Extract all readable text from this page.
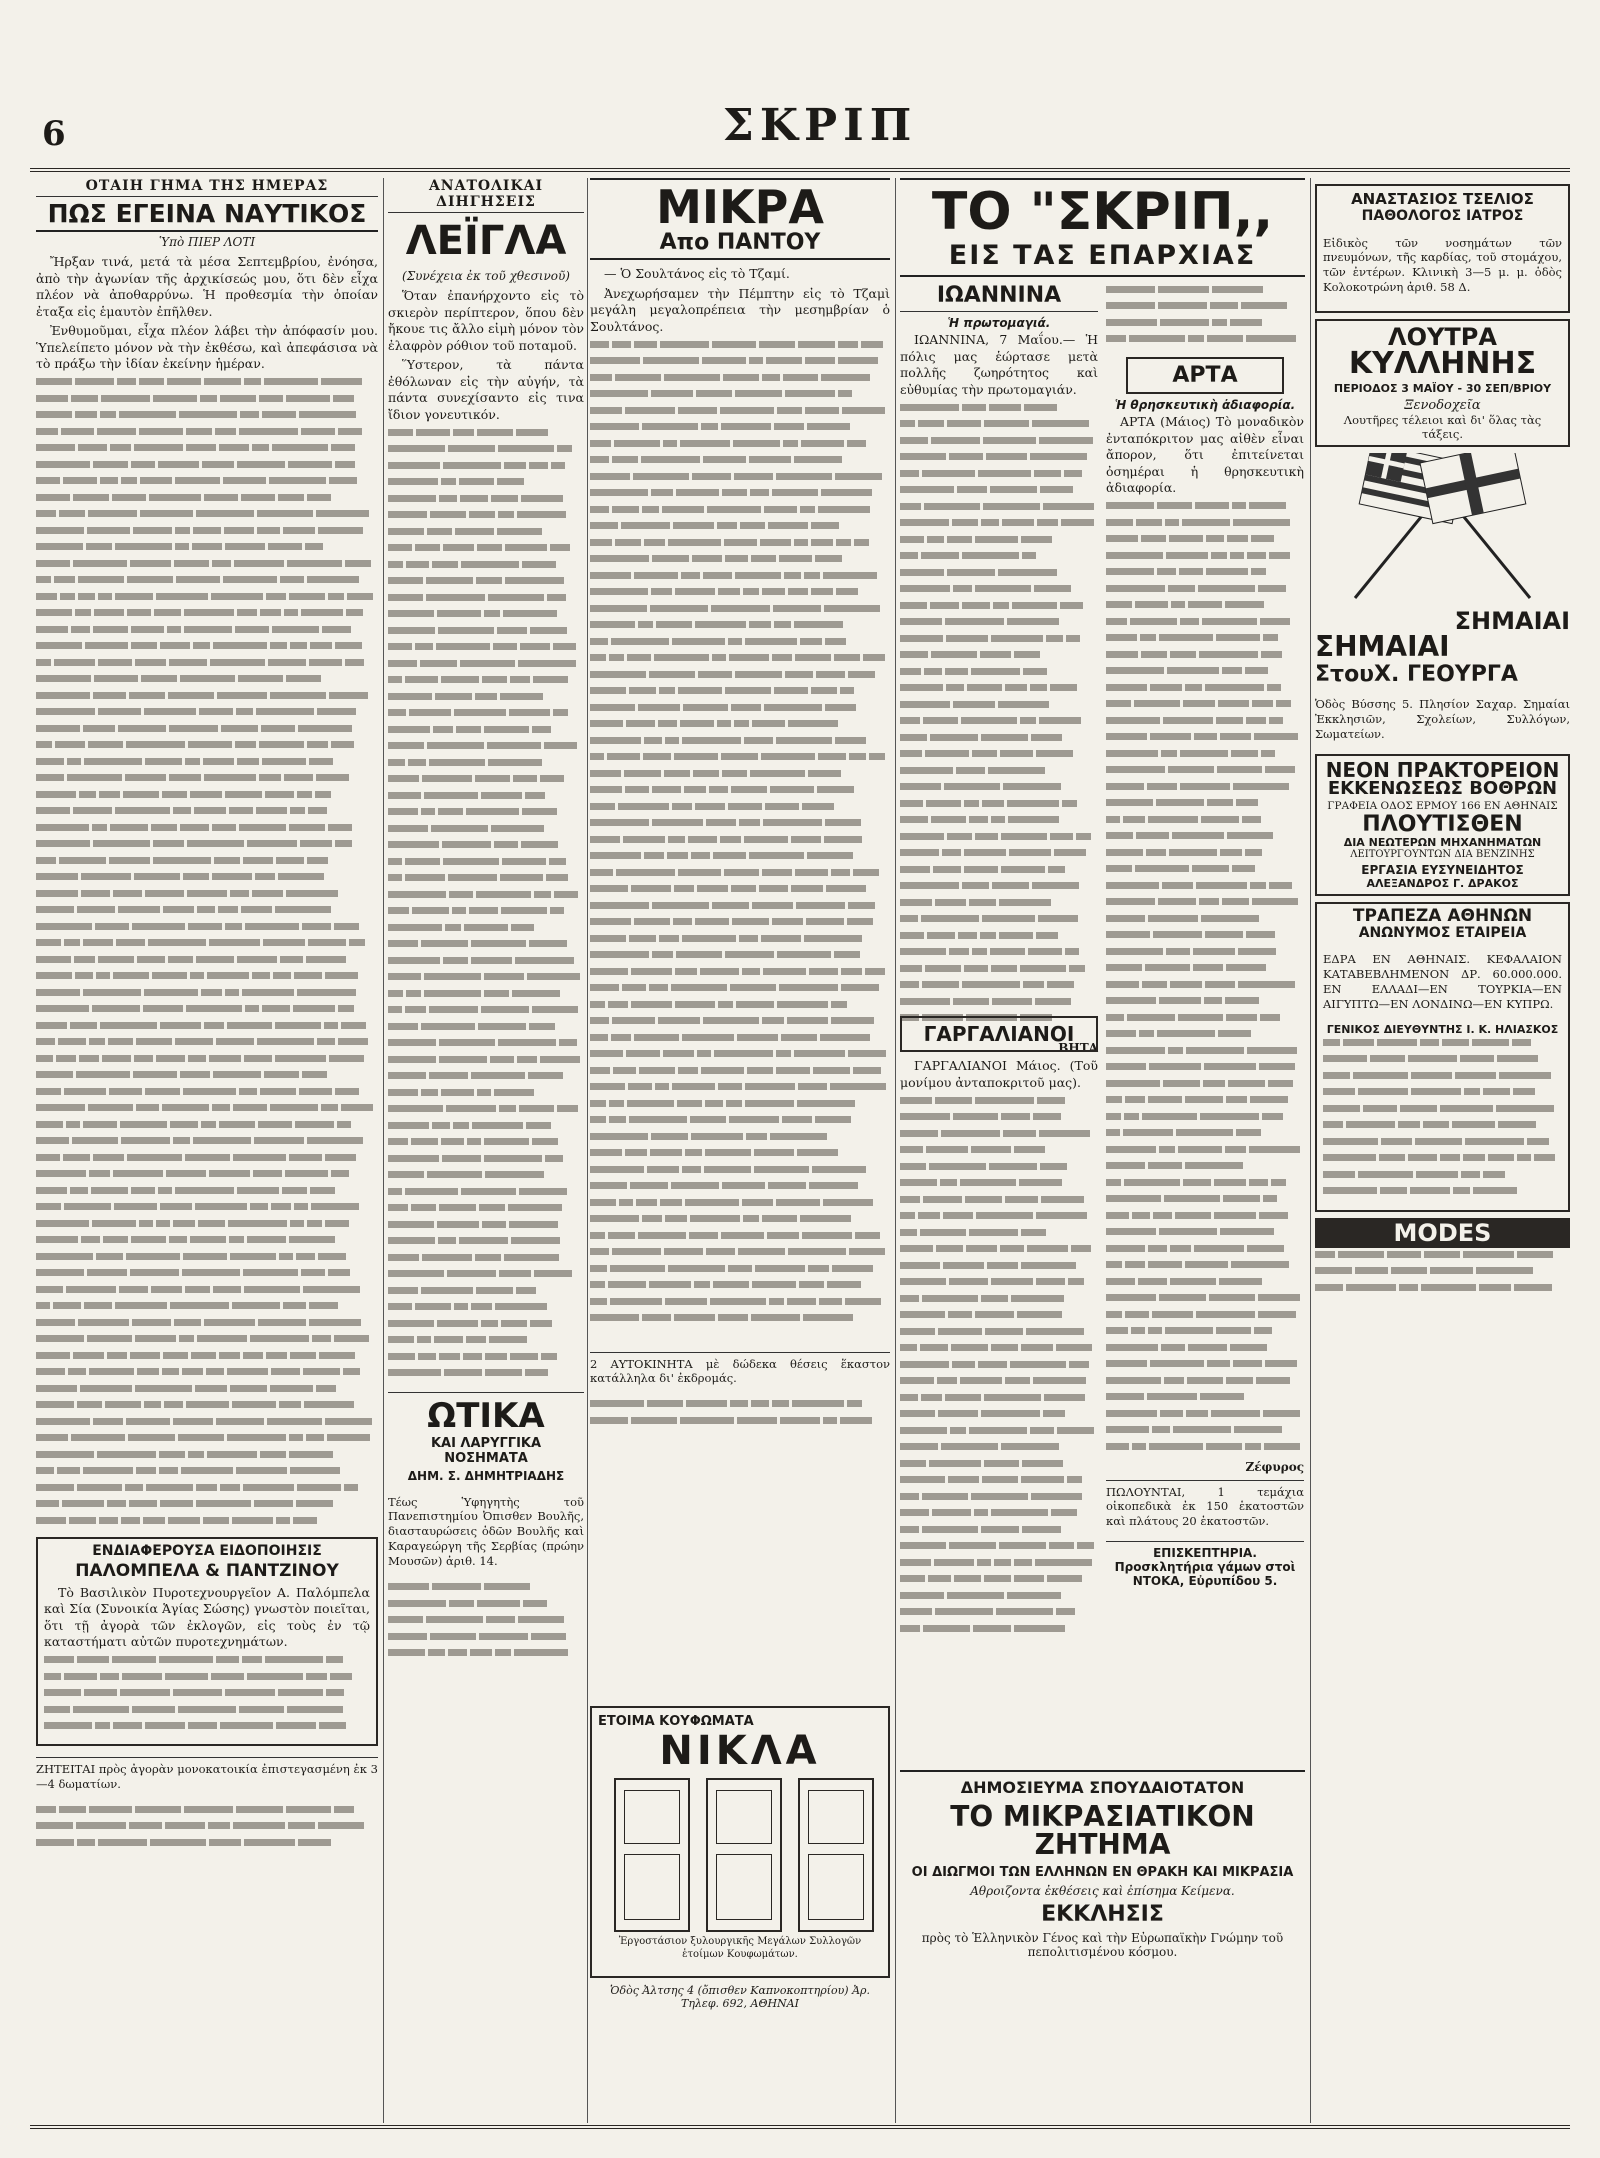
6	ΣΚΡΙΠ
ΟΤΑΙΗ ΓΗΜΑ ΤΗΣ ΗΜΕΡΑΣ
ΠΩΣ ΕΓΕΙΝΑ ΝΑΥΤΙΚΟΣ
Ὑπὸ ΠΙΕΡ ΛΟΤΙ

Ἤρξαν τινά, μετά τὰ μέσα Σεπτεμβρίου, ἐνόησα, ἀπὸ τὴν ἀγωνίαν τῆς ἀρχικίσεώς μου, ὅτι δὲν εἶχα πλέον νὰ ἀποθαρρύνω. Ἡ προθεσμία τὴν ὁποίαν ἐταξα εἰς ἑμαυτὸν ἐπῆλθεν.

Ἐνθυμοῦμαι, εἶχα πλέον λάβει τὴν ἀπόφασίν μου. Ὑπελείπετο μόνον νὰ τὴν ἐκθέσω, καὶ ἀπεφάσισα νὰ τὸ πράξω τὴν ἰδίαν ἐκείνην ἡμέραν.

ΕΝΔΙΑΦΕΡΟΥΣΑ ΕΙΔΟΠΟΙΗΣΙΣ
ΠΑΛΟΜΠΕΛΑ & ΠΑΝΤΖΙΝΟΥ

Τὸ Βασιλικὸν Πυροτεχνουργεῖον Α. Παλόμπελα καὶ Σία (Συνοικία Ἁγίας Σώσης) γνωστὸν ποιεῖται, ὅτι τῇ ἀγορὰ τῶν ἐκλογῶν, εἰς τοὺς ἐν τῷ καταστήματι αὐτῶν πυροτεχνημάτων.

ΖΗΤΕΙΤΑΙ πρὸς ἀγορὰν μονοκατοικία ἐπιστεγασμένη ἐκ 3—4 δωματίων.

ΑΝΑΤΟΛΙΚΑΙ ΔΙΗΓΗΣΕΙΣ
ΛΕΪΓΛΑ
(Συνέχεια ἐκ τοῦ χθεσινοῦ)

Ὅταν ἐπανήρχοντο εἰς τὸ σκιερὸν περίπτερον, ὅπου δὲν ἤκουε τις ἄλλο εἰμὴ μόνον τὸν ἐλαφρὸν ρόθιον τοῦ ποταμοῦ.

Ὕστερον, τὰ πάντα ἐθόλωναν εἰς τὴν αὐγήν, τὰ πάντα συνεχίσαντο εἰς τινα ἴδιον γονευτικόν.

ΩΤΙΚΑ
ΚΑΙ ΛΑΡΥΓΓΙΚΑ ΝΟΣΗΜΑΤΑ
ΔΗΜ. Σ. ΔΗΜΗΤΡΙΑΔΗΣ

Τέως Ὑφηγητὴς τοῦ Πανεπιστημίου Ὀπισθεν Βουλῆς, διασταυρώσεις ὁδῶν Βουλῆς καὶ Καραγεώργη τῆς Σερβίας (πρώην Μουσῶν) ἀριθ. 14.

ΜΙΚΡΑ
Απο ΠΑΝΤΟΥ

— Ὁ Σουλτάνος εἰς τὸ Τζαμί.

Ἀνεχωρήσαμεν τὴν Πέμπτην εἰς τὸ Τζαμὶ μεγάλη μεγαλοπρέπεια τὴν μεσημβρίαν ὁ Σουλτάνος.

2 ΑΥΤΟΚΙΝΗΤΑ μὲ δώδεκα θέσεις ἕκαστον κατάλληλα δι' ἐκδρομάς.

ΕΤΟΙΜΑ ΚΟΥΦΩΜΑΤΑ
ΝΙΚΛΑ
Ἐργοστάσιον ξυλουργικῆς Μεγάλων Συλλογῶν ἑτοίμων Κουφωμάτων.
Ὁδὸς Ἀλτσης 4 (ὄπισθεν Καπνοκοπτηρίου) Ἀρ. Τηλεφ. 692, ΑΘΗΝΑΙ
ΤΟ "ΣΚΡΙΠ,,
ΕΙΣ ΤΑΣ ΕΠΑΡΧΙΑΣ
ΙΩΑΝΝΙΝΑ
Ἡ πρωτομαγιά.

ΙΩΑΝΝΙΝΑ, 7 Μαΐου.— Ἡ πόλις μας ἑώρτασε μετὰ πολλῆς ζωηρότητος καὶ εὐθυμίας τὴν πρωτομαγιάν.

ΒΗΤΑ

ΑΡΤΑ
Ἡ θρησκευτικὴ ἀδιαφορία.

ΑΡΤΑ (Μάιος) Τὸ μοναδικὸν ἐνταπόκριτον μας αἰθὲν εἶναι ἄπορον, ὅτι ἐπιτείνεται ὀσημέραι ἡ θρησκευτικὴ ἀδιαφορία.

Ζέφυρος

ΠΩΛΟΥΝΤΑΙ, 1 τεμάχια οἰκοπεδικὰ ἐκ 150 ἑκατοστῶν καὶ πλάτους 20 ἑκατοστῶν.

ΕΠΙΣΚΕΠΤΗΡΙΑ.
Προσκλητήρια γάμων στοὶ ΝΤΟΚΑ, Εὐρυπίδου 5.
ΓΑΡΓΑΛΙΑΝΟΙ

ΓΑΡΓΑΛΙΑΝΟΙ Μάιος. (Τοῦ μονίμου ἀνταποκριτοῦ μας).

ΔΗΜΟΣΙΕΥΜΑ ΣΠΟΥΔΑΙΟΤΑΤΟΝ
ΤΟ ΜΙΚΡΑΣΙΑΤΙΚΟΝ ΖΗΤΗΜΑ
ΟΙ ΔΙΩΓΜΟΙ ΤΩΝ ΕΛΛΗΝΩΝ ΕΝ ΘΡΑΚΗ ΚΑΙ ΜΙΚΡΑΣΙΑ
Αθροιζοντα ἐκθέσεις καὶ ἐπίσημα Κείμενα.
ΕΚΚΛΗΣΙΣ
πρὸς τὸ Ἑλληνικὸν Γένος καὶ τὴν Εὐρωπαϊκὴν Γνώμην τοῦ πεπολιτισμένου κόσμου.
ΑΝΑΣΤΑΣΙΟΣ ΤΣΕΛΙΟΣ
ΠΑΘΟΛΟΓΟΣ ΙΑΤΡΟΣ

Εἰδικὸς τῶν νοσημάτων τῶν πνευμόνων, τῆς καρδίας, τοῦ στομάχου, τῶν ἐντέρων. Κλινικὴ 3—5 μ. μ. ὁδὸς Κολοκοτρώνη ἀριθ. 58 Δ.

ΛΟΥΤΡΑ
ΚΥΛΛΗΝΗΣ
ΠΕΡΙΟΔΟΣ 3 ΜΑΪΟΥ - 30 ΣΕΠ/ΒΡΙΟΥ
Ξενοδοχεῖα
Λουτῆρες τέλειοι καὶ δι' ὅλας τὰς τάξεις.
ΣΗΜΑΙΑΙ
ΣΗΜΑΙΑΙ
ΣτουΧ. ΓΕΟΥΡΓΑ

Ὁδὸς Βύσσης 5. Πλησίον Σαχαρ. Σημαίαι Ἐκκλησιῶν, Σχολείων, Συλλόγων, Σωματείων.

ΝΕΟΝ ΠΡΑΚΤΟΡΕΙΟΝ
ΕΚΚΕΝΩΣΕΩΣ ΒΟΘΡΩΝ
ΓΡΑΦΕΙΑ ΟΔΟΣ ΕΡΜΟΥ 166 ΕΝ ΑΘΗΝΑΙΣ
ΠΛΟΥΤΙΣΘΕΝ
ΔΙΑ ΝΕΩΤΕΡΩΝ ΜΗΧΑΝΗΜΑΤΩΝ
ΛΕΙΤΟΥΡΓΟΥΝΤΩΝ ΔΙΑ ΒΕΝΖΙΝΗΣ
ΕΡΓΑΣΙΑ ΕΥΣΥΝΕΙΔΗΤΟΣ
ΑΛΕΞΑΝΔΡΟΣ Γ. ΔΡΑΚΟΣ
ΤΡΑΠΕΖΑ ΑΘΗΝΩΝ
ΑΝΩΝΥΜΟΣ ΕΤΑΙΡΕΙΑ

ΕΔΡΑ ΕΝ ΑΘΗΝΑΙΣ. ΚΕΦΑΛΑΙΟΝ ΚΑΤΑΒΕΒΛΗΜΕΝΟΝ ΔΡ. 60.000.000. ΕΝ ΕΛΛΑΔΙ—ΕΝ ΤΟΥΡΚΙΑ—ΕΝ ΑΙΓΥΠΤΩ—ΕΝ ΛΟΝΔΙΝΩ—ΕΝ ΚΥΠΡΩ.

ΓΕΝΙΚΟΣ ΔΙΕΥΘΥΝΤΗΣ Ι. Κ. ΗΛΙΑΣΚΟΣ

MODES
